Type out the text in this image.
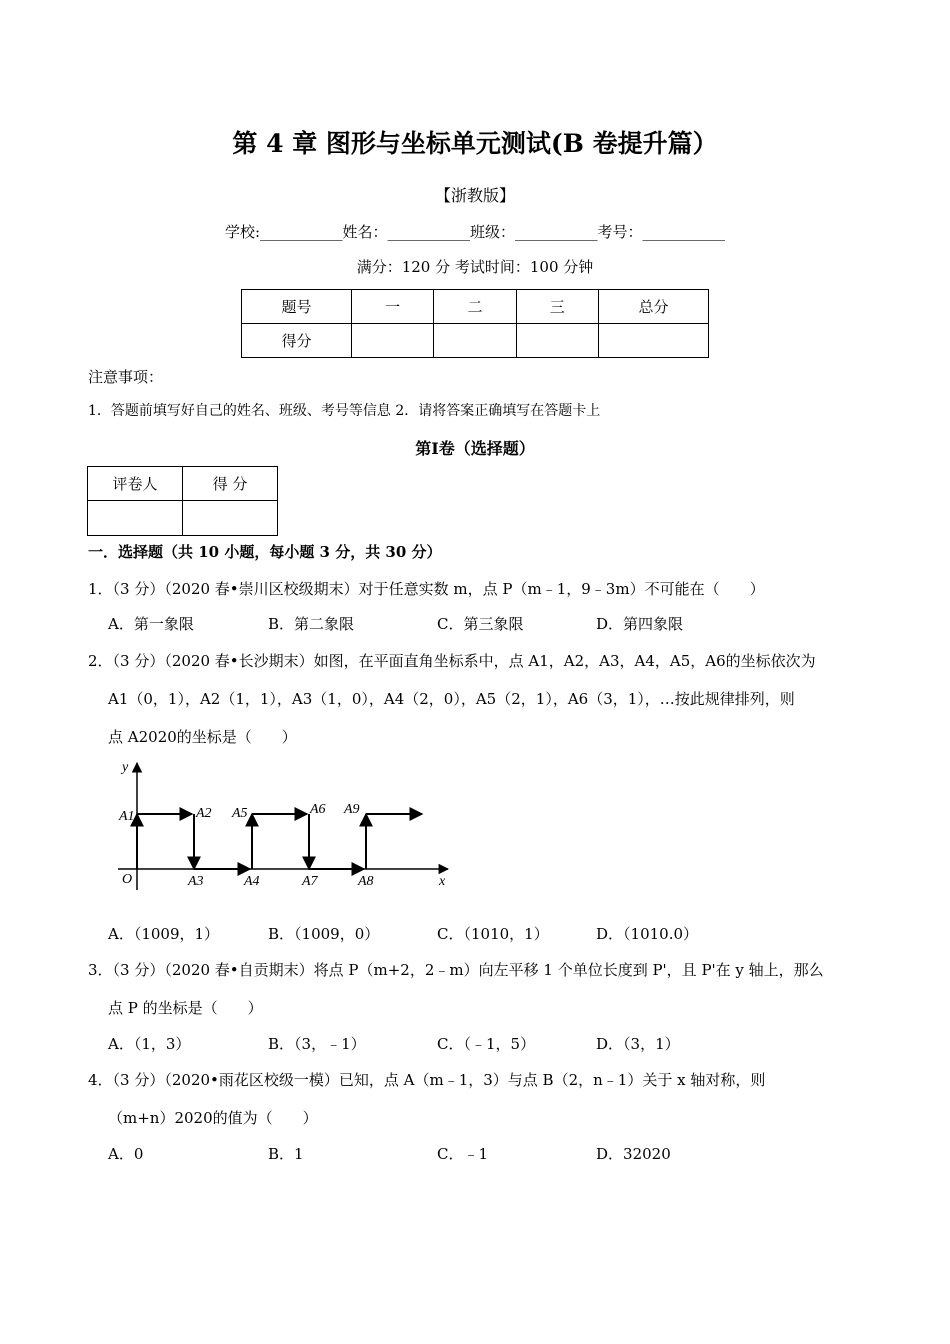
第 4 章 图形与坐标单元测试(B 卷提升篇）
【浙教版】
学校:___________姓名：___________班级：___________考号：___________
满分：120 分 考试时间：100 分钟
题号	一	二	三	总分
得分				
注意事项：
1．答题前填写好自己的姓名、班级、考号等信息 2．请将答案正确填写在答题卡上
第Ⅰ卷（选择题）
评卷人	得 分

一．选择题（共 10 小题，每小题 3 分，共 30 分）
1．（3 分）（2020 春•崇川区校级期末）对于任意实数 m，点 P（m﹣1，9﹣3m）不可能在（　　）
A．第一象限	B．第二象限	C．第三象限	D．第四象限
2．（3 分）（2020 春•长沙期末）如图，在平面直角坐标系中，点 A1，A2，A3，A4，A5，A6的坐标依次为
A1（0，1），A2（1，1），A3（1，0），A4（2，0），A5（2，1），A6（3，1），…按此规律排列，则
点 A2020的坐标是（　　）
y
x
O
A1	A2
A3	A4
A5	A6
A7	A8
A9
A．（1009，1）	B．（1009，0）	C．（1010，1）	D．（1010.0）
3．（3 分）（2020 春•自贡期末）将点 P（m+2，2﹣m）向左平移 1 个单位长度到 P'，且 P'在 y 轴上，那么
点 P 的坐标是（　　）
A．（1，3）	B．（3，﹣1）	C．（﹣1，5）	D．（3，1）
4．（3 分）（2020•雨花区校级一模）已知，点 A（m﹣1，3）与点 B（2，n﹣1）关于 x 轴对称，则
（m+n）2020的值为（　　）
A．0	B．1	C．﹣1	D．32020
